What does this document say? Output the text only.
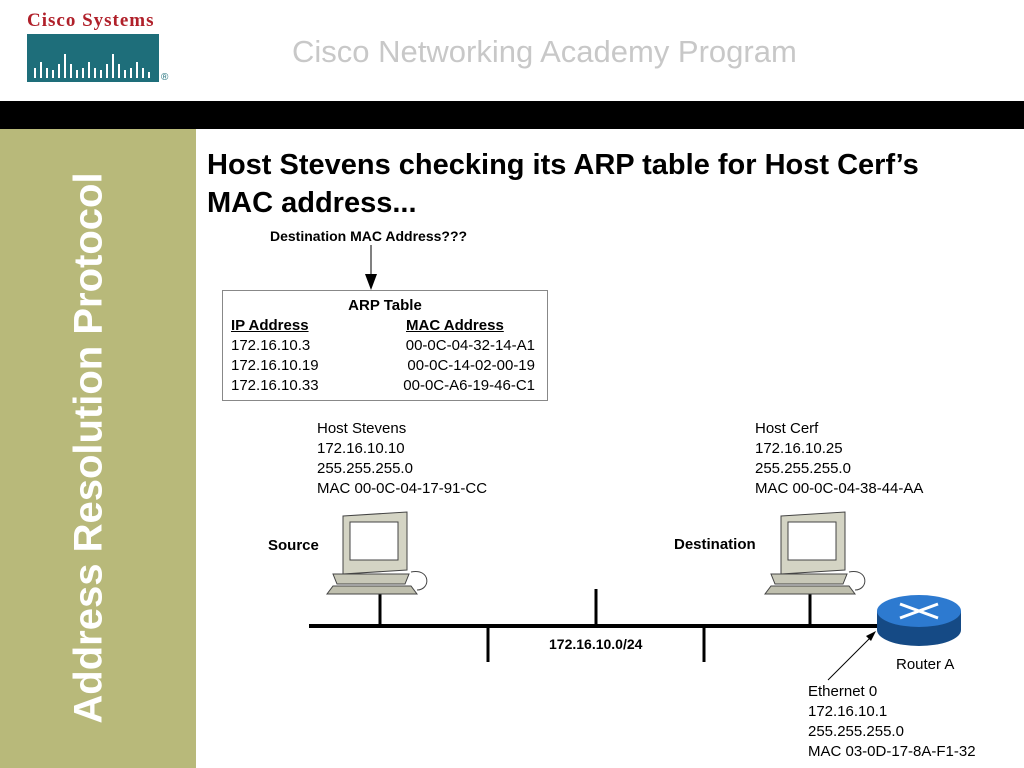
Cisco Systems
®
Cisco Networking Academy Program
Address Resolution Protocol
Host Stevens checking its ARP table for Host Cerf’s MAC address...
Destination MAC Address???
ARP Table
IP Address	MAC Address
172.16.10.3	00-0C-04-32-14-A1
172.16.10.19	00-0C-14-02-00-19
172.16.10.33	00-0C-A6-19-46-C1
Host Stevens
172.16.10.10
255.255.255.0
MAC 00-0C-04-17-91-CC
Source
Host Cerf
172.16.10.25
255.255.255.0
MAC 00-0C-04-38-44-AA
Destination
172.16.10.0/24
Router A
Ethernet 0
172.16.10.1
255.255.255.0
MAC 03-0D-17-8A-F1-32
